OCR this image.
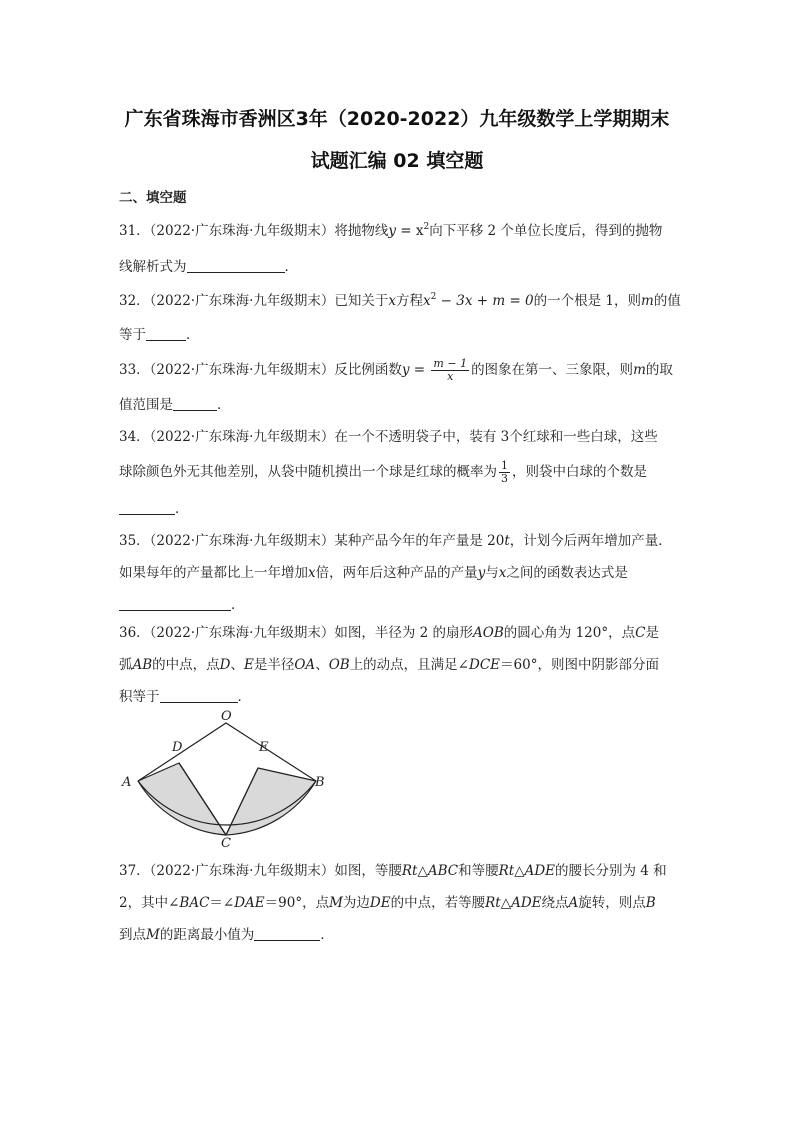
广东省珠海市香洲区3年（2020-2022）九年级数学上学期期末
试题汇编 02 填空题
二、填空题
31．（2022·广东珠海·九年级期末）将抛物线$y = x^2$向下平移 2 个单位长度后，得到的抛物
线解析式为	．
32．（2022·广东珠海·九年级期末）已知关于x方程$x^2 - 3x + m = 0$的一个根是 1，则m的值
等于	．
33．（2022·广东珠海·九年级期末）反比例函数$y = \frac{m - 1}{x}$ 的图象在第一、三象限，则m的取
值范围是	．
34．（2022·广东珠海·九年级期末）在一个不透明袋子中，装有 3个红球和一些白球，这些
球除颜色外无其他差别，从袋中随机摸出一个球是红球的概率为 $\frac{1}{3}$ ，则袋中白球的个数是
．
35．（2022·广东珠海·九年级期末）某种产品今年的年产量是 20t，计划今后两年增加产量．
如果每年的产量都比上一年增加x倍，两年后这种产品的产量y与x之间的函数表达式是
．
36．（2022·广东珠海·九年级期末）如图，半径为 2 的扇形AOB的圆心角为 120°，点C是
弧AB的中点，点D、E是半径OA、OB上的动点，且满足∠DCE＝60°，则图中阴影部分面
积等于	．
O
D	E
A	B
C
37．（2022·广东珠海·九年级期末）如图，等腰Rt△ABC和等腰Rt△ADE的腰长分别为 4 和
2，其中∠BAC＝∠DAE＝90°，点M为边DE的中点，若等腰Rt△ADE绕点A旋转，则点B
到点M的距离最小值为	．
